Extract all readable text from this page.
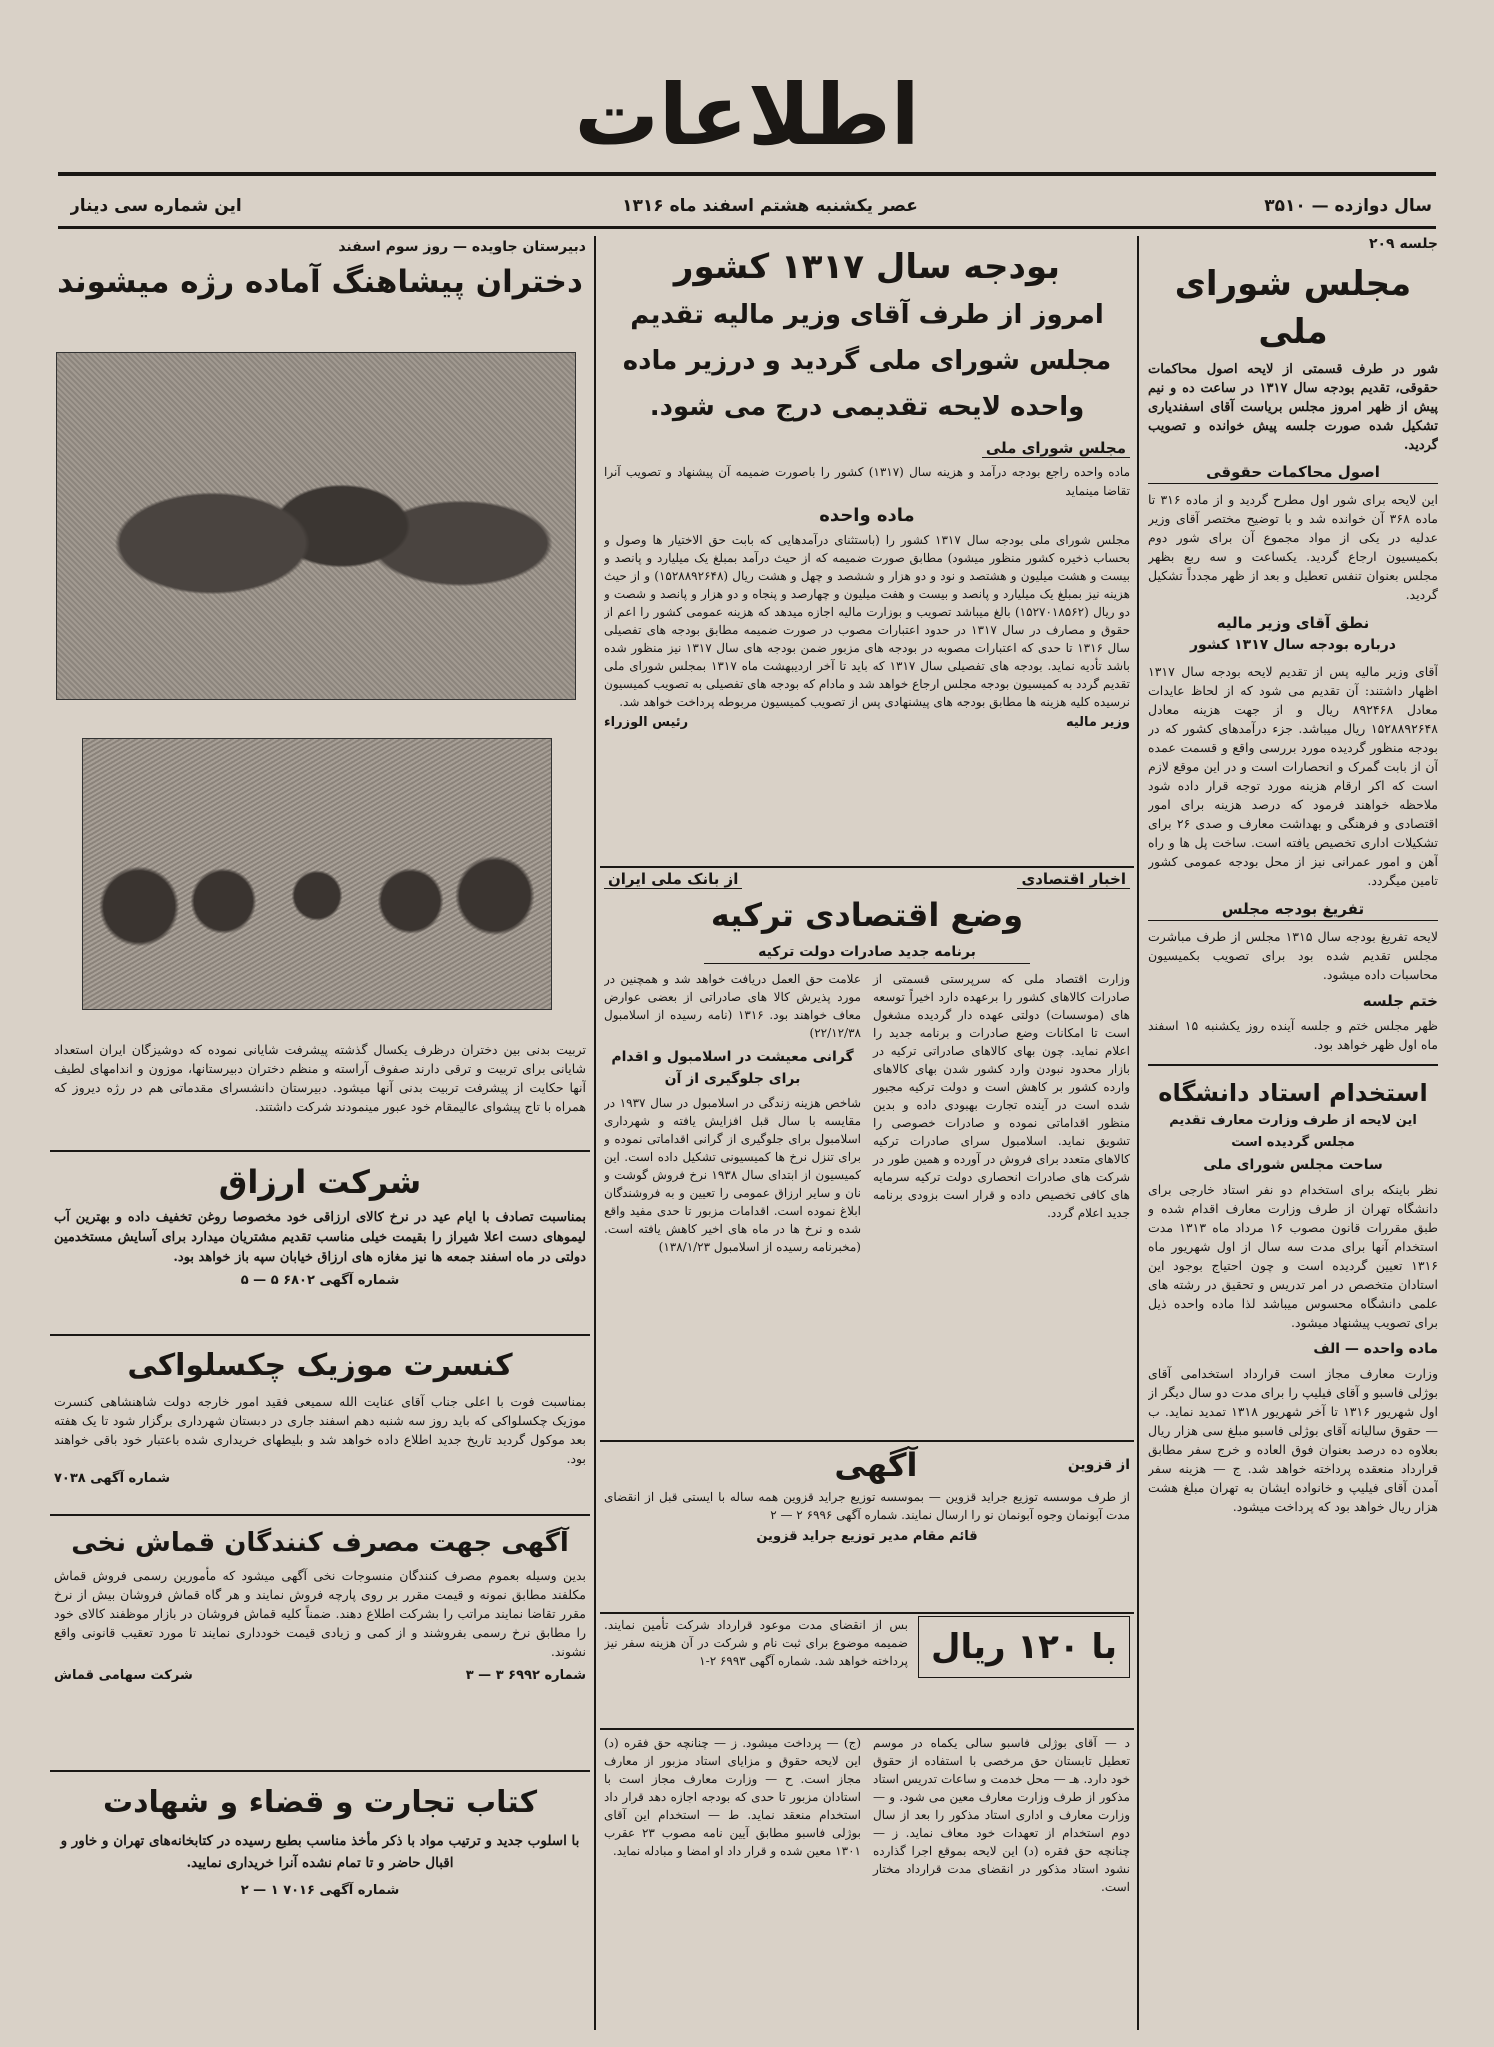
اطلاعات
سال دوازده — ۳۵۱۰
عصر یکشنبه هشتم اسفند ماه ۱۳۱۶
این شماره سی دینار
جلسه ۲۰۹
مجلس شورای ملی
شور در طرف قسمتی از لایحه اصول محاکمات حقوقی، تقدیم بودجه سال ۱۳۱۷ در ساعت ده و نیم پیش از ظهر امروز مجلس بریاست آقای اسفندیاری تشکیل شده صورت جلسه پیش خوانده و تصویب گردید.
اصول محاکمات حقوقی
این لایحه برای شور اول مطرح گردید و از ماده ۳۱۶ تا ماده ۳۶۸ آن خوانده شد و با توضیح مختصر آقای وزیر عدلیه در یکی از مواد مجموع آن برای شور دوم بکمیسیون ارجاع گردید. یکساعت و سه ربع بظهر مجلس بعنوان تنفس تعطیل و بعد از ظهر مجدداً تشکیل گردید.
نطق آقای وزیر مالیه
درباره بودجه سال ۱۳۱۷ کشور
آقای وزیر مالیه پس از تقدیم لایحه بودجه سال ۱۳۱۷ اظهار داشتند: آن تقدیم می شود که از لحاظ عایدات معادل ۸۹۲۴۶۸ ریال و از جهت هزینه معادل ۱۵۲۸۸۹۲۶۴۸ ریال میباشد. جزء درآمدهای کشور که در بودجه منظور گردیده مورد بررسی واقع و قسمت عمده آن از بابت گمرک و انحصارات است و در این موقع لازم است که اکر ارقام هزینه مورد توجه قرار داده شود ملاحظه خواهند فرمود که درصد هزینه برای امور اقتصادی و فرهنگی و بهداشت معارف و صدی ۲۶ برای تشکیلات اداری تخصیص یافته است. ساخت پل ها و راه آهن و امور عمرانی نیز از محل بودجه عمومی کشور تامین میگردد.
تفریغ بودجه مجلس
لایحه تفریغ بودجه سال ۱۳۱۵ مجلس از طرف مباشرت مجلس تقدیم شده بود برای تصویب بکمیسیون محاسبات داده میشود.
ختم جلسه
ظهر مجلس ختم و جلسه آینده روز یکشنبه ۱۵ اسفند ماه اول ظهر خواهد بود.
استخدام استاد دانشگاه
این لایحه از طرف وزارت معارف تقدیم مجلس گردیده است
ساحت مجلس شورای ملی
نظر باینکه برای استخدام دو نفر استاد خارجی برای دانشگاه تهران از طرف وزارت معارف اقدام شده و طبق مقررات قانون مصوب ۱۶ مرداد ماه ۱۳۱۳ مدت استخدام آنها برای مدت سه سال از اول شهریور ماه ۱۳۱۶ تعیین گردیده است و چون احتیاج بوجود این استادان متخصص در امر تدریس و تحقیق در رشته های علمی دانشگاه محسوس میباشد لذا ماده واحده ذیل برای تصویب پیشنهاد میشود.
ماده واحده — الف
وزارت معارف مجاز است قرارداد استخدامی آقای بوژلی فاسبو و آقای فیلیپ را برای مدت دو سال دیگر از اول شهریور ۱۳۱۶ تا آخر شهریور ۱۳۱۸ تمدید نماید. ب — حقوق سالیانه آقای بوژلی فاسبو مبلغ سی هزار ریال بعلاوه ده درصد بعنوان فوق العاده و خرج سفر مطابق قرارداد منعقده پرداخته خواهد شد. ج — هزینه سفر آمدن آقای فیلیپ و خانواده ایشان به تهران مبلغ هشت هزار ریال خواهد بود که پرداخت میشود.
بودجه سال ۱۳۱۷ کشور
امروز از طرف آقای وزیر مالیه تقدیم مجلس شورای ملی گردید و درزیر ماده واحده لایحه تقدیمی درج می شود.
مجلس شورای ملی
ماده واحده راجع بودجه درآمد و هزینه سال (۱۳۱۷) کشور را باصورت ضمیمه آن پیشنهاد و تصویب آنرا تقاضا مینماید
ماده واحده
مجلس شورای ملی بودجه سال ۱۳۱۷ کشور را (باستثنای درآمدهایی که بابت حق الاختیار ها وصول و بحساب ذخیره کشور منظور میشود) مطابق صورت ضمیمه که از حیث درآمد بمبلغ یک میلیارد و پانصد و بیست و هشت میلیون و هشتصد و نود و دو هزار و ششصد و چهل و هشت ریال (۱۵۲۸۸۹۲۶۴۸) و از حیث هزینه نیز بمبلغ یک میلیارد و پانصد و بیست و هفت میلیون و چهارصد و پنجاه و دو هزار و پانصد و شصت و دو ریال (۱۵۲۷۰۱۸۵۶۲) بالغ میباشد تصویب و بوزارت مالیه اجازه میدهد که هزینه عمومی کشور را اعم از حقوق و مصارف در سال ۱۳۱۷ در حدود اعتبارات مصوب در صورت ضمیمه مطابق بودجه های تفصیلی سال ۱۳۱۶ تا حدی که اعتبارات مصوبه در بودجه های مزبور ضمن بودجه های سال ۱۳۱۷ نیز منظور شده باشد تأدیه نماید. بودجه های تفصیلی سال ۱۳۱۷ که باید تا آخر اردیبهشت ماه ۱۳۱۷ بمجلس شورای ملی تقدیم گردد به کمیسیون بودجه مجلس ارجاع خواهد شد و مادام که بودجه های تفصیلی به تصویب کمیسیون نرسیده کلیه هزینه ها مطابق بودجه های پیشنهادی پس از تصویب کمیسیون مربوطه پرداخت خواهد شد.
وزیر مالیه
رئیس الوزراء
اخبار اقتصادی
از بانک ملی ایران
وضع اقتصادی ترکیه
برنامه جدید صادرات دولت ترکیه
وزارت اقتصاد ملی که سرپرستی قسمتی از صادرات کالاهای کشور را برعهده دارد اخیراً توسعه های (موسسات) دولتی عهده دار گردیده مشغول است تا امکانات وضع صادرات و برنامه جدید را اعلام نماید. چون بهای کالاهای صادراتی ترکیه در بازار محدود نبودن وارد کشور شدن بهای کالاهای وارده کشور بر کاهش است و دولت ترکیه مجبور شده است در آینده تجارت بهبودی داده و بدین منظور اقداماتی نموده و صادرات خصوصی را تشویق نماید. اسلامبول سرای صادرات ترکیه کالاهای متعدد برای فروش در آورده و همین طور در شرکت های صادرات انحصاری دولت ترکیه سرمایه های کافی تخصیص داده و قرار است بزودی برنامه جدید اعلام گردد.
علامت حق العمل دریافت خواهد شد و همچنین در مورد پذیرش کالا های صادراتی از بعضی عوارض معاف خواهند بود. ۱۳۱۶ (نامه رسیده از اسلامبول ۲۲/۱۲/۳۸)
گرانی معیشت در اسلامبول و اقدام برای جلوگیری از آن
شاخص هزینه زندگی در اسلامبول در سال ۱۹۳۷ در مقایسه با سال قبل افزایش یافته و شهرداری اسلامبول برای جلوگیری از گرانی اقداماتی نموده و برای تنزل نرخ ها کمیسیونی تشکیل داده است. این کمیسیون از ابتدای سال ۱۹۳۸ نرخ فروش گوشت و نان و سایر ارزاق عمومی را تعیین و به فروشندگان ابلاغ نموده است. اقدامات مزبور تا حدی مفید واقع شده و نرخ ها در ماه های اخیر کاهش یافته است. (مخبرنامه رسیده از اسلامبول ۱۳۸/۱/۲۳)
از قزوین
آگهی
از طرف موسسه توزیع جراید قزوین — بموسسه توزیع جراید قزوین همه ساله با ایستی قبل از انقضای مدت آبونمان وجوه آبونمان نو را ارسال نمایند. شماره آگهی ۶۹۹۶ ۲ — ۲
قائم مقام مدیر توزیع جراید قزوین
با ۱۲۰ ریال
بس از انقضای مدت موعود قرارداد شرکت تأمین نمایند. ضمیمه موضوع برای ثبت نام و شرکت در آن هزینه سفر نیز پرداخته خواهد شد. شماره آگهی ۶۹۹۳ ۲-۱
د — آقای بوژلی فاسبو سالی یکماه در موسم تعطیل تابستان حق مرخصی با استفاده از حقوق خود دارد. هـ — محل خدمت و ساعات تدریس استاد مذکور از طرف وزارت معارف معین می شود. و — وزارت معارف و اداری استاد مذکور را بعد از سال دوم استخدام از تعهدات خود معاف نماید. ز — چنانچه حق فقره (د) این لایحه بموقع اجرا گذارده نشود استاد مذکور در انقضای مدت قرارداد مختار است.
(ج) — پرداخت میشود. ز — چنانچه حق فقره (د) این لایحه حقوق و مزایای استاد مزبور از معارف مجاز است. ح — وزارت معارف مجاز است با استادان مزبور تا حدی که بودجه اجازه دهد قرار داد استخدام منعقد نماید. ط — استخدام این آقای بوژلی فاسبو مطابق آیین نامه مصوب ۲۳ عقرب ۱۳۰۱ معین شده و قرار داد او امضا و مبادله نماید.
دبیرستان جاویده — روز سوم اسفند
دختران پیشاهنگ آماده رژه میشوند
تربیت بدنی بین دختران درظرف یکسال گذشته پیشرفت شایانی نموده که دوشیزگان ایران استعداد شایانی برای تربیت و ترقی دارند صفوف آراسته و منظم دختران دبیرستانها، موزون و اندامهای لطیف آنها حکایت از پیشرفت تربیت بدنی آنها میشود. دبیرستان دانشسرای مقدماتی هم در رژه دیروز که همراه با تاج پیشوای عالیمقام خود عبور مینمودند شرکت داشتند.
شرکت ارزاق
بمناسبت تصادف با ایام عید در نرخ کالای ارزاقی خود مخصوصا روغن تخفیف داده و بهترین آب لیموهای دست اعلا شیراز را بقیمت خیلی مناسب تقدیم مشتریان میدارد برای آسایش مستخدمین دولتی در ماه اسفند جمعه ها نیز مغازه های ارزاق خیابان سپه باز خواهد بود.
شماره آگهی ۶۸۰۲ ۵ — ۵
کنسرت موزیک چکسلواکی
بمناسبت فوت با اعلی جناب آقای عنایت الله سمیعی فقید امور خارجه دولت شاهنشاهی کنسرت موزیک چکسلواکی که باید روز سه شنبه دهم اسفند جاری در دبستان شهرداری برگزار شود تا یک هفته بعد موکول گردید تاریخ جدید اطلاع داده خواهد شد و بلیطهای خریداری شده باعتبار خود باقی خواهند بود.
شماره آگهی ۷۰۳۸
آگهی جهت مصرف کنندگان قماش نخی
بدین وسیله بعموم مصرف کنندگان منسوجات نخی آگهی میشود که مأمورین رسمی فروش قماش مکلفند مطابق نمونه و قیمت مقرر بر روی پارچه فروش نمایند و هر گاه قماش فروشان بیش از نرخ مقرر تقاضا نمایند مراتب را بشرکت اطلاع دهند. ضمناً کلیه قماش فروشان در بازار موظفند کالای خود را مطابق نرخ رسمی بفروشند و از کمی و زیادی قیمت خودداری نمایند تا مورد تعقیب قانونی واقع نشوند.
شماره ۶۹۹۲ ۳ — ۳
شرکت سهامی قماش
کتاب تجارت و قضاء و شهادت
با اسلوب جدید و ترتیب مواد با ذکر مأخذ مناسب بطبع رسیده در کتابخانه‌های تهران و خاور و اقبال حاضر و تا تمام نشده آنرا خریداری نمایید.
شماره آگهی ۷۰۱۶ ۱ — ۲
